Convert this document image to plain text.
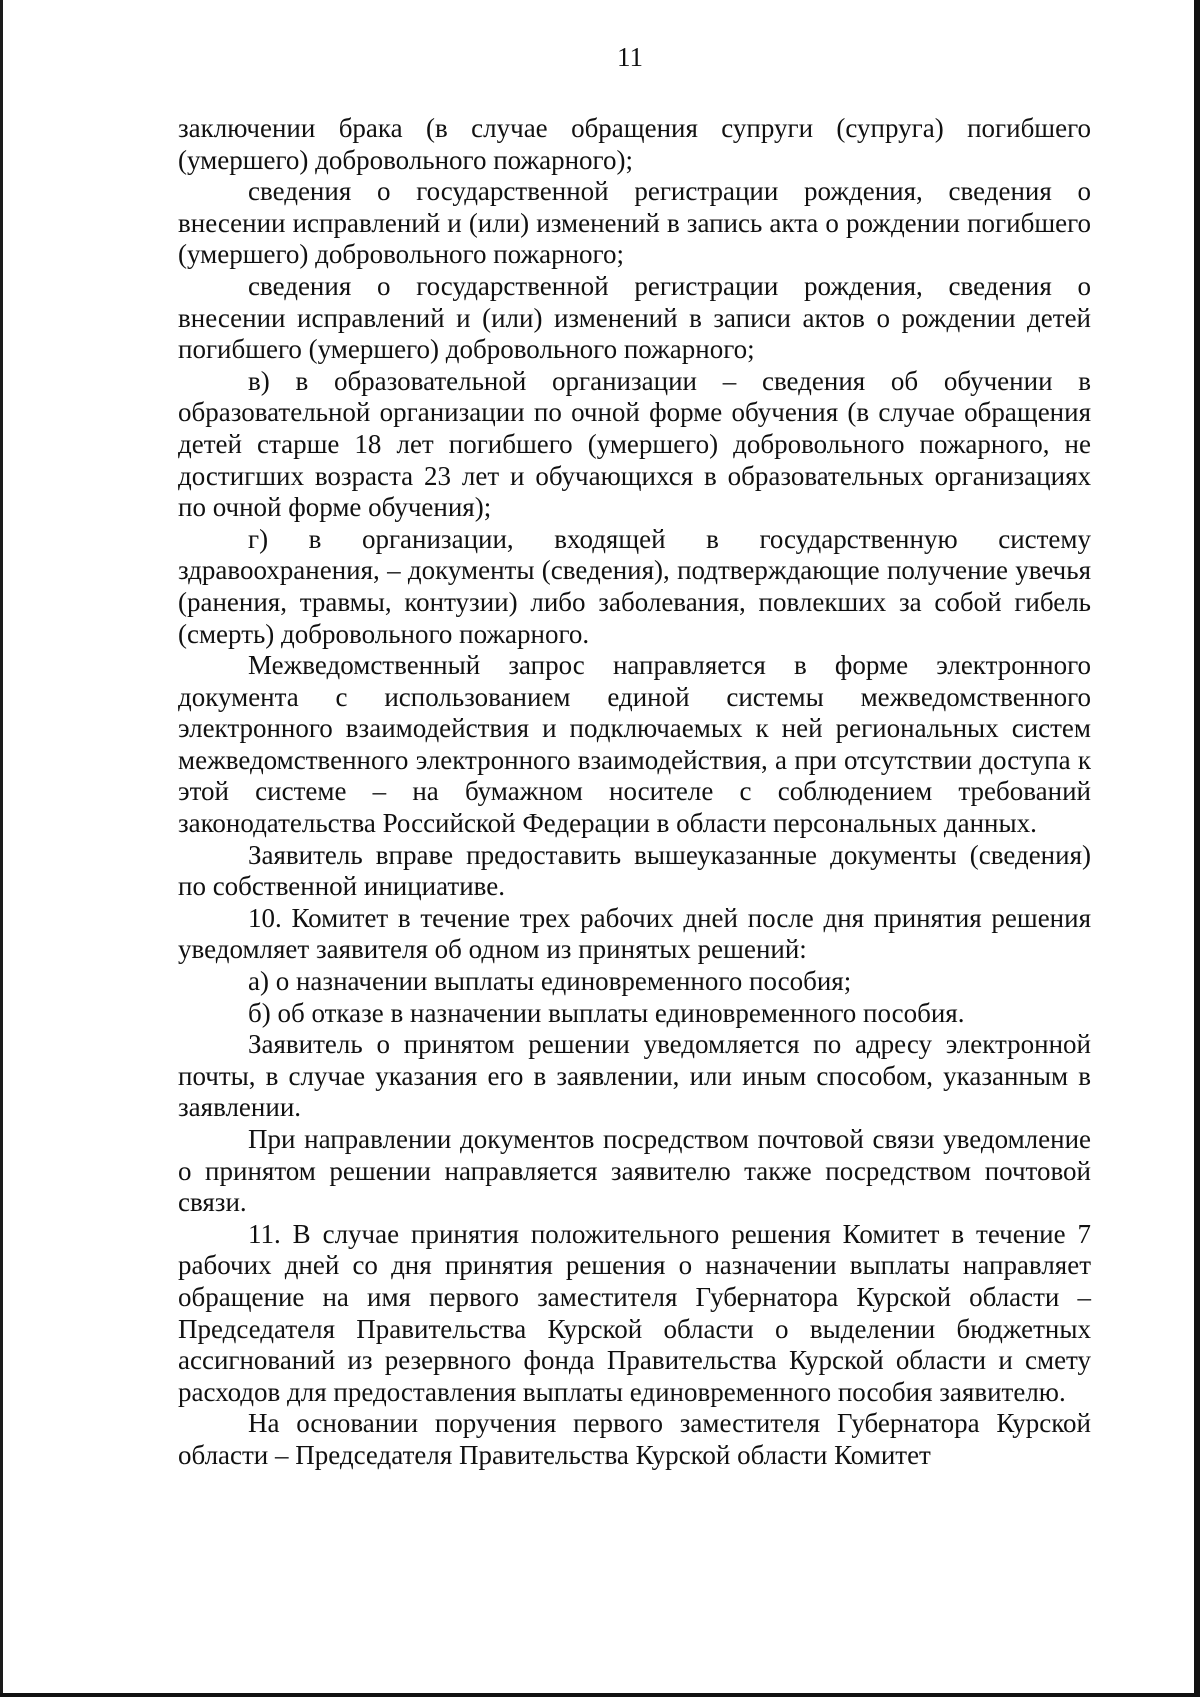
11

заключении брака (в случае обращения супруги (супруга) погибшего (умершего) добровольного пожарного);

сведения о государственной регистрации рождения, сведения о внесении исправлений и (или) изменений в запись акта о рождении погибшего (умершего) добровольного пожарного;

сведения о государственной регистрации рождения, сведения о внесении исправлений и (или) изменений в записи актов о рождении детей погибшего (умершего) добровольного пожарного;

в) в образовательной организации – сведения об обучении в образовательной организации по очной форме обучения (в случае обращения детей старше 18 лет погибшего (умершего) добровольного пожарного, не достигших возраста 23 лет и обучающихся в образовательных организациях по очной форме обучения);

г) в организации, входящей в государственную систему здравоохранения, – документы (сведения), подтверждающие получение увечья (ранения, травмы, контузии) либо заболевания, повлекших за собой гибель (смерть) добровольного пожарного.

Межведомственный запрос направляется в форме электронного документа с использованием единой системы межведомственного электронного взаимодействия и подключаемых к ней региональных систем межведомственного электронного взаимодействия, а при отсутствии доступа к этой системе – на бумажном носителе с соблюдением требований законодательства Российской Федерации в области персональных данных.

Заявитель вправе предоставить вышеуказанные документы (сведения) по собственной инициативе.

10. Комитет в течение трех рабочих дней после дня принятия решения уведомляет заявителя об одном из принятых решений:

а) о назначении выплаты единовременного пособия;

б) об отказе в назначении выплаты единовременного пособия.

Заявитель о принятом решении уведомляется по адресу электронной почты, в случае указания его в заявлении, или иным способом, указанным в заявлении.

При направлении документов посредством почтовой связи уведомление о принятом решении направляется заявителю также посредством почтовой связи.

11. В случае принятия положительного решения Комитет в течение 7 рабочих дней со дня принятия решения о назначении выплаты направляет обращение на имя первого заместителя Губернатора Курской области – Председателя Правительства Курской области о выделении бюджетных ассигнований из резервного фонда Правительства Курской области и смету расходов для предоставления выплаты единовременного пособия заявителю.

На основании поручения первого заместителя Губернатора Курской области – Председателя Правительства Курской области Комитет
